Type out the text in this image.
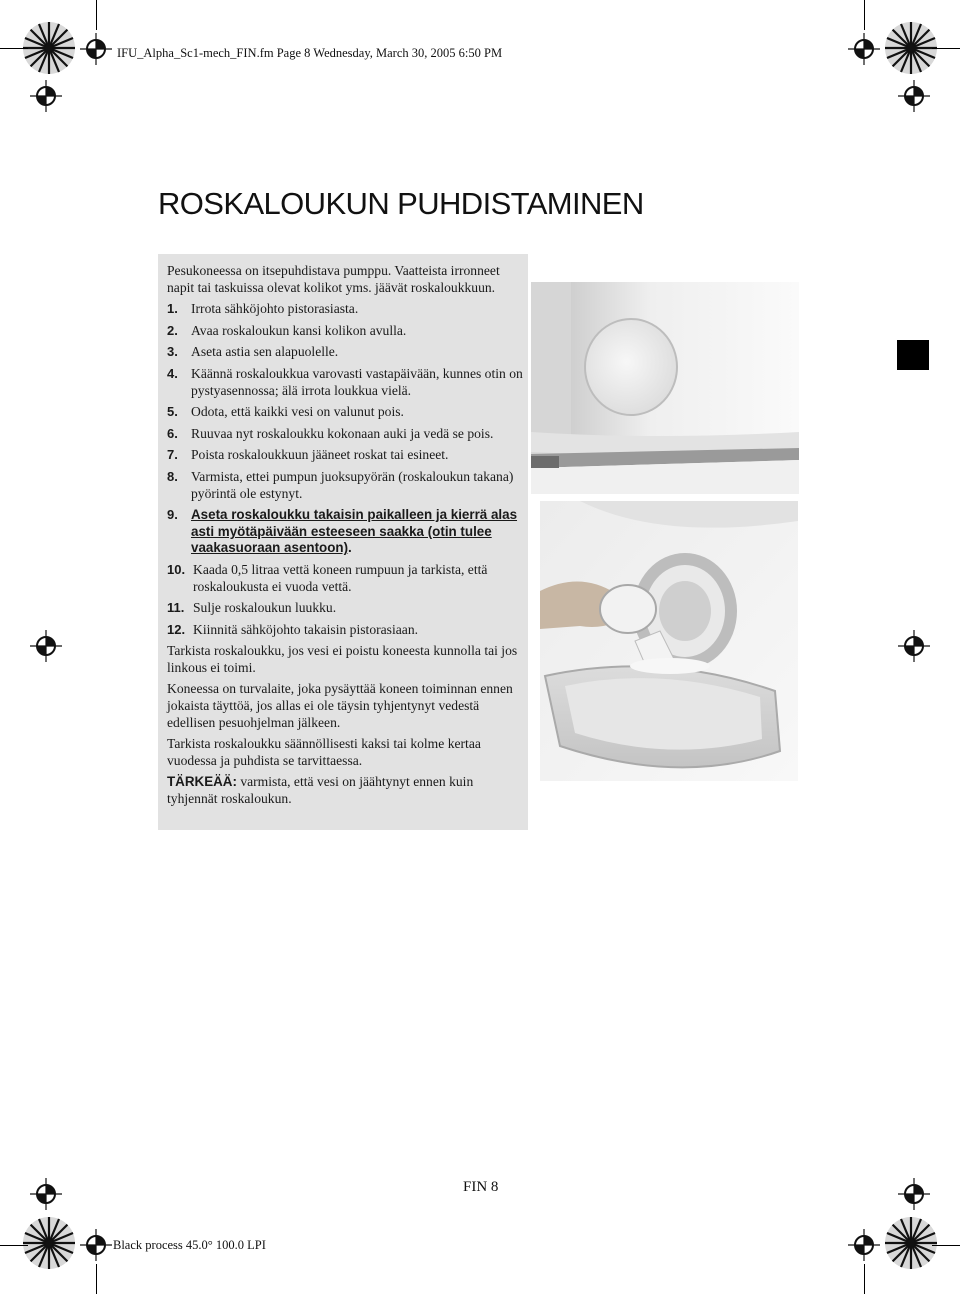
IFU_Alpha_Sc1-mech_FIN.fm Page 8 Wednesday, March 30, 2005 6:50 PM
ROSKALOUKUN PUHDISTAMINEN

Pesukoneessa on itsepuhdistava pumppu. Vaatteista irronneet napit tai taskuissa olevat kolikot yms. jäävät roskaloukkuun.

1. Irrota sähköjohto pistorasiasta.
2. Avaa roskaloukun kansi kolikon avulla.
3. Aseta astia sen alapuolelle.
4. Käännä roskaloukkua varovasti vastapäivään, kunnes otin on pystyasennossa; älä irrota loukkua vielä.
5. Odota, että kaikki vesi on valunut pois.
6. Ruuvaa nyt roskaloukku kokonaan auki ja vedä se pois.
7. Poista roskaloukkuun jääneet roskat tai esineet.
8. Varmista, ettei pumpun juoksupyörän (roskaloukun takana) pyörintä ole estynyt.
9. Aseta roskaloukku takaisin paikalleen ja kierrä alas asti myötäpäivään esteeseen saakka (otin tulee vaakasuoraan asentoon).
10. Kaada 0,5 litraa vettä koneen rumpuun ja tarkista, että roskaloukusta ei vuoda vettä.
11. Sulje roskaloukun luukku.
12. Kiinnitä sähköjohto takaisin pistorasiaan.

Tarkista roskaloukku, jos vesi ei poistu koneesta kunnolla tai jos linkous ei toimi.

Koneessa on turvalaite, joka pysäyttää koneen toiminnan ennen jokaista täyttöä, jos allas ei ole täysin tyhjentynyt vedestä edellisen pesuohjelman jälkeen.

Tarkista roskaloukku säännöllisesti kaksi tai kolme kertaa vuodessa ja puhdista se tarvittaessa.

TÄRKEÄÄ: varmista, että vesi on jäähtynyt ennen kuin tyhjennät roskaloukun.

FIN 8
Black process 45.0° 100.0 LPI
